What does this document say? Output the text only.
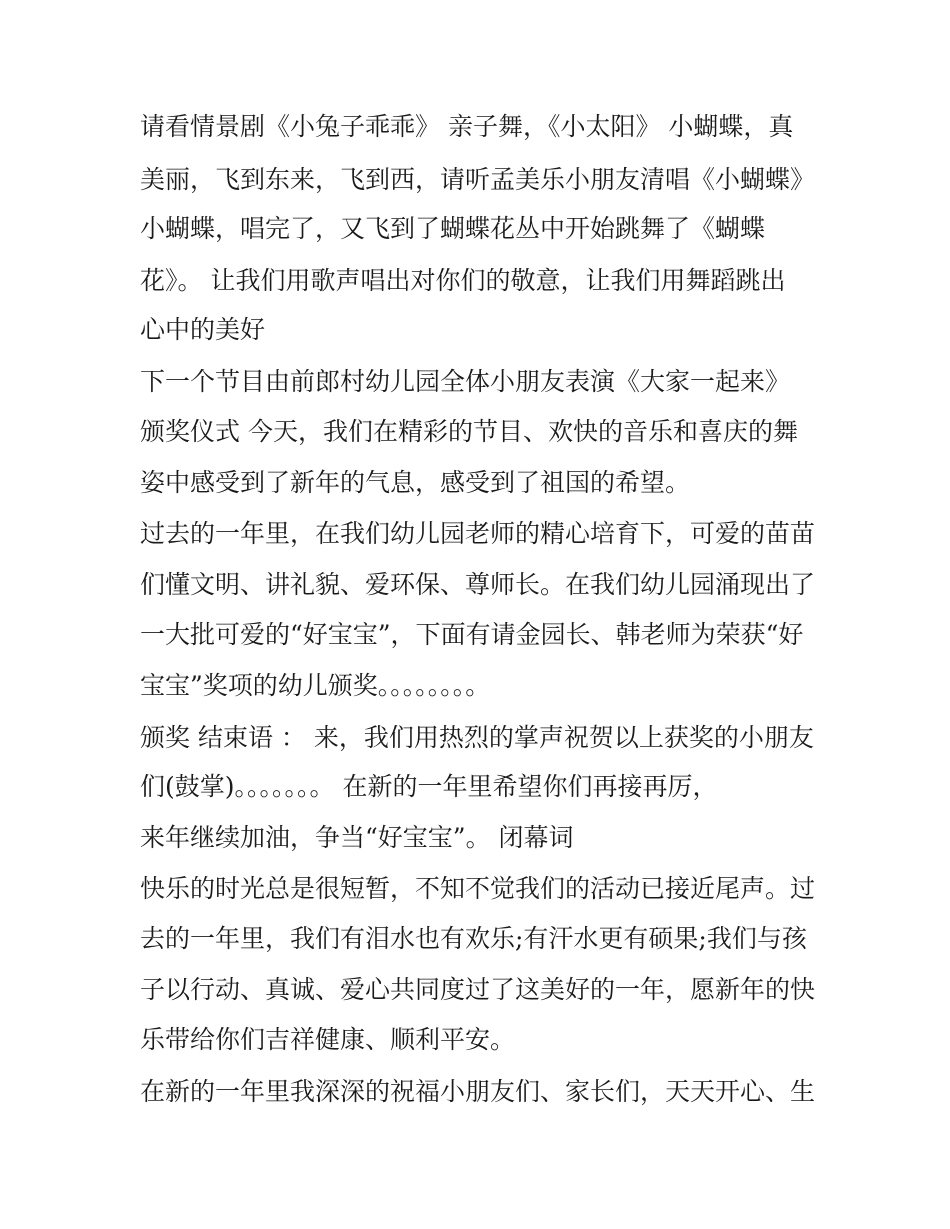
请看情景剧《小兔子乖乖》 亲子舞，《小太阳》 小蝴蝶，真
美丽，飞到东来，飞到西，请听孟美乐小朋友清唱《小蝴蝶》
小蝴蝶，唱完了，又飞到了蝴蝶花丛中开始跳舞了《蝴蝶
花》。 让我们用歌声唱出对你们的敬意，让我们用舞蹈跳出
心中的美好
下一个节目由前郎村幼儿园全体小朋友表演《大家一起来》
颁奖仪式 今天，我们在精彩的节目、欢快的音乐和喜庆的舞
姿中感受到了新年的气息，感受到了祖国的希望。
过去的一年里，在我们幼儿园老师的精心培育下，可爱的苗苗
们懂文明、讲礼貌、爱环保、尊师长。在我们幼儿园涌现出了
一大批可爱的“好宝宝”，下面有请金园长、韩老师为荣获“好
宝宝”奖项的幼儿颁奖。。。。。。。。
颁奖 结束语 ： 来，我们用热烈的掌声祝贺以上获奖的小朋友
们(鼓掌)。。。。。。。 在新的一年里希望你们再接再厉，
来年继续加油，争当“好宝宝”。 闭幕词
快乐的时光总是很短暂，不知不觉我们的活动已接近尾声。过
去的一年里，我们有泪水也有欢乐;有汗水更有硕果;我们与孩
子以行动、真诚、爱心共同度过了这美好的一年，愿新年的快
乐带给你们吉祥健康、顺利平安。
在新的一年里我深深的祝福小朋友们、家长们，天天开心、生
